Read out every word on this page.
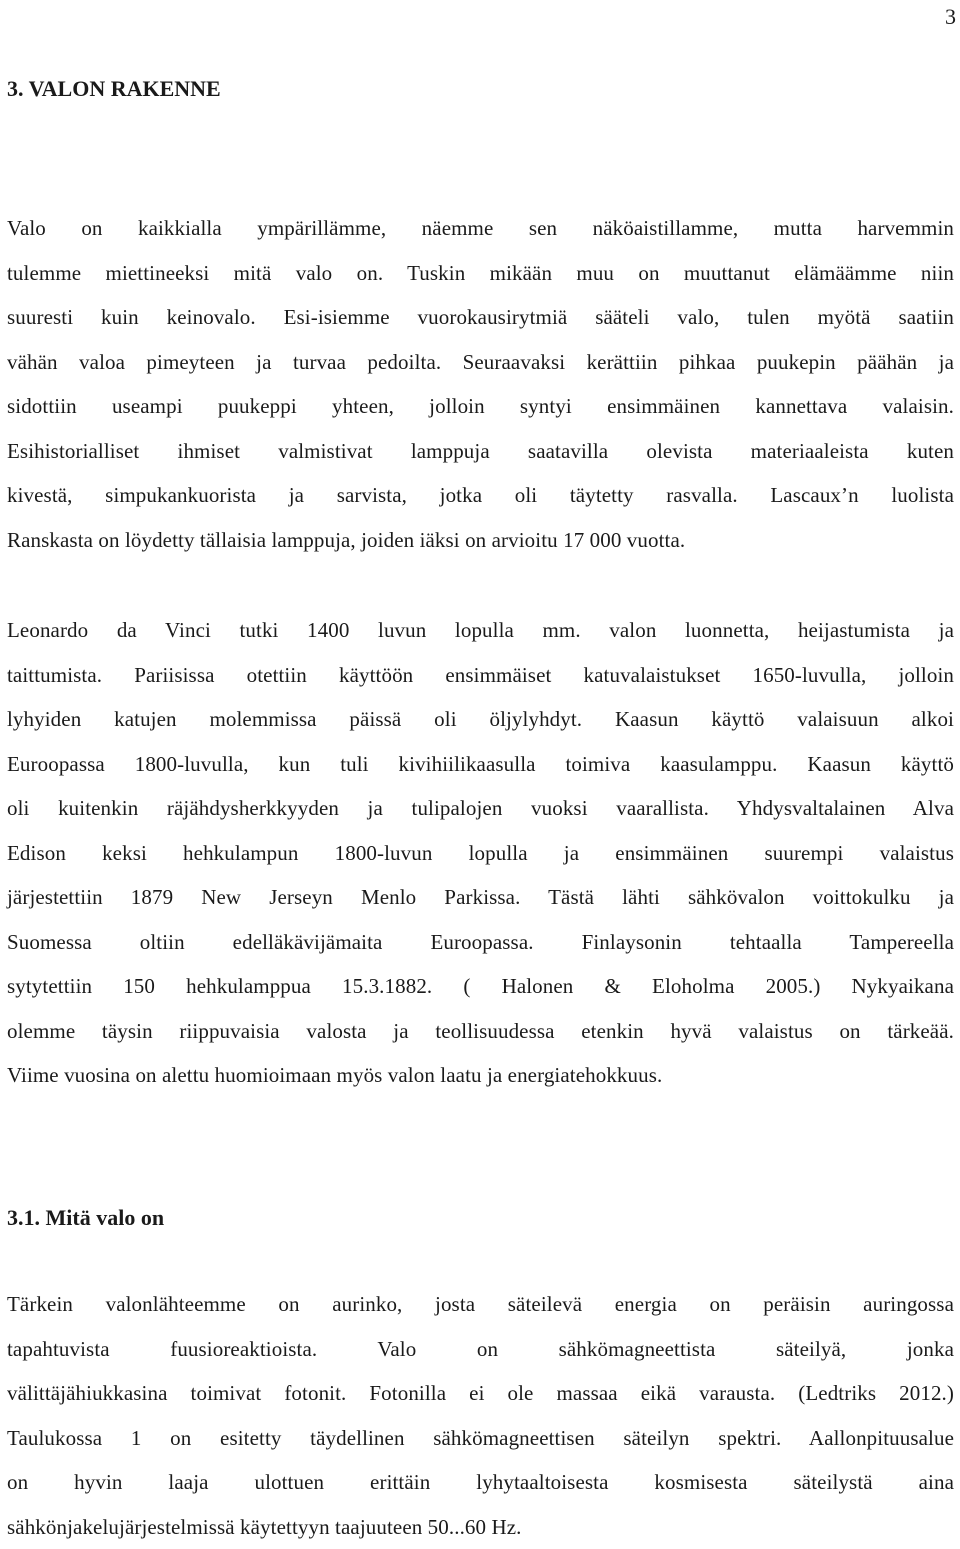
3
3. VALON RAKENNE
Valo on kaikkialla ympärillämme, näemme sen näköaistillamme, mutta harvemmin
tulemme miettineeksi mitä valo on. Tuskin mikään muu on muuttanut elämäämme niin
suuresti kuin keinovalo. Esi-isiemme vuorokausirytmiä sääteli valo, tulen myötä saatiin
vähän valoa pimeyteen ja turvaa pedoilta. Seuraavaksi kerättiin pihkaa puukepin päähän ja
sidottiin useampi puukeppi yhteen, jolloin syntyi ensimmäinen kannettava valaisin.
Esihistorialliset ihmiset valmistivat lamppuja saatavilla olevista materiaaleista kuten
kivestä, simpukankuorista ja sarvista, jotka oli täytetty rasvalla. Lascaux’n luolista
Ranskasta on löydetty tällaisia lamppuja, joiden iäksi on arvioitu 17 000 vuotta.
Leonardo da Vinci tutki 1400 luvun lopulla mm. valon luonnetta, heijastumista ja
taittumista. Pariisissa otettiin käyttöön ensimmäiset katuvalaistukset 1650-luvulla, jolloin
lyhyiden katujen molemmissa päissä oli öljylyhdyt. Kaasun käyttö valaisuun alkoi
Euroopassa 1800-luvulla, kun tuli kivihiilikaasulla toimiva kaasulamppu. Kaasun käyttö
oli kuitenkin räjähdysherkkyyden ja tulipalojen vuoksi vaarallista. Yhdysvaltalainen Alva
Edison keksi hehkulampun 1800-luvun lopulla ja ensimmäinen suurempi valaistus
järjestettiin 1879 New Jerseyn Menlo Parkissa. Tästä lähti sähkövalon voittokulku ja
Suomessa oltiin edelläkävijämaita Euroopassa. Finlaysonin tehtaalla Tampereella
sytytettiin 150 hehkulamppua 15.3.1882. ( Halonen & Eloholma 2005.) Nykyaikana
olemme täysin riippuvaisia valosta ja teollisuudessa etenkin hyvä valaistus on tärkeää.
Viime vuosina on alettu huomioimaan myös valon laatu ja energiatehokkuus.
3.1. Mitä valo on
Tärkein valonlähteemme on aurinko, josta säteilevä energia on peräisin auringossa
tapahtuvista fuusioreaktioista. Valo on sähkömagneettista säteilyä, jonka
välittäjähiukkasina toimivat fotonit. Fotonilla ei ole massaa eikä varausta. (Ledtriks 2012.)
Taulukossa 1 on esitetty täydellinen sähkömagneettisen säteilyn spektri. Aallonpituusalue
on hyvin laaja ulottuen erittäin lyhytaaltoisesta kosmisesta säteilystä aina
sähkönjakelujärjestelmissä käytettyyn taajuuteen 50...60 Hz.
